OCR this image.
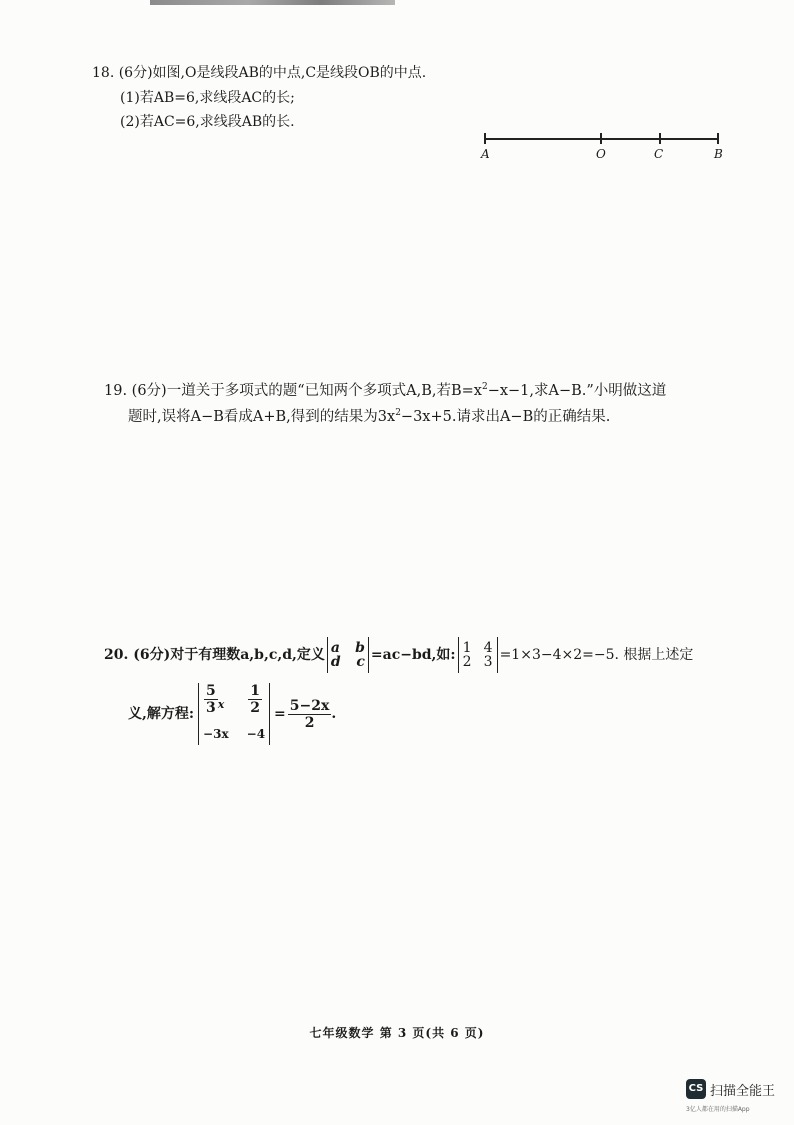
18. (6分)如图,O是线段AB的中点,C是线段OB的中点.
(1)若AB=6,求线段AC的长;
(2)若AC=6,求线段AB的长.
A	O	C	B
19. (6分)一道关于多项式的题“已知两个多项式A,B,若$B=x^2-x-1$,求A−B.”小明做这道
题时,误将A−B看成A+B,得到的结果为$3x^2-3x+5$.请求出A−B的正确结果.
20. (6分)对于有理数a,b,c,d,定义 a b
d c =ac−bd,如: 1 4
2 3 =1×3−4×2=−5. 根据上述定
义,解方程: $\frac{5}{3}$ x $\frac{1}{2}$
−3x −4
= $\frac{5-2x}{2}$ .
七年级数学 第 3 页(共 6 页)
CS 扫描全能王
3亿人都在用的扫描App
